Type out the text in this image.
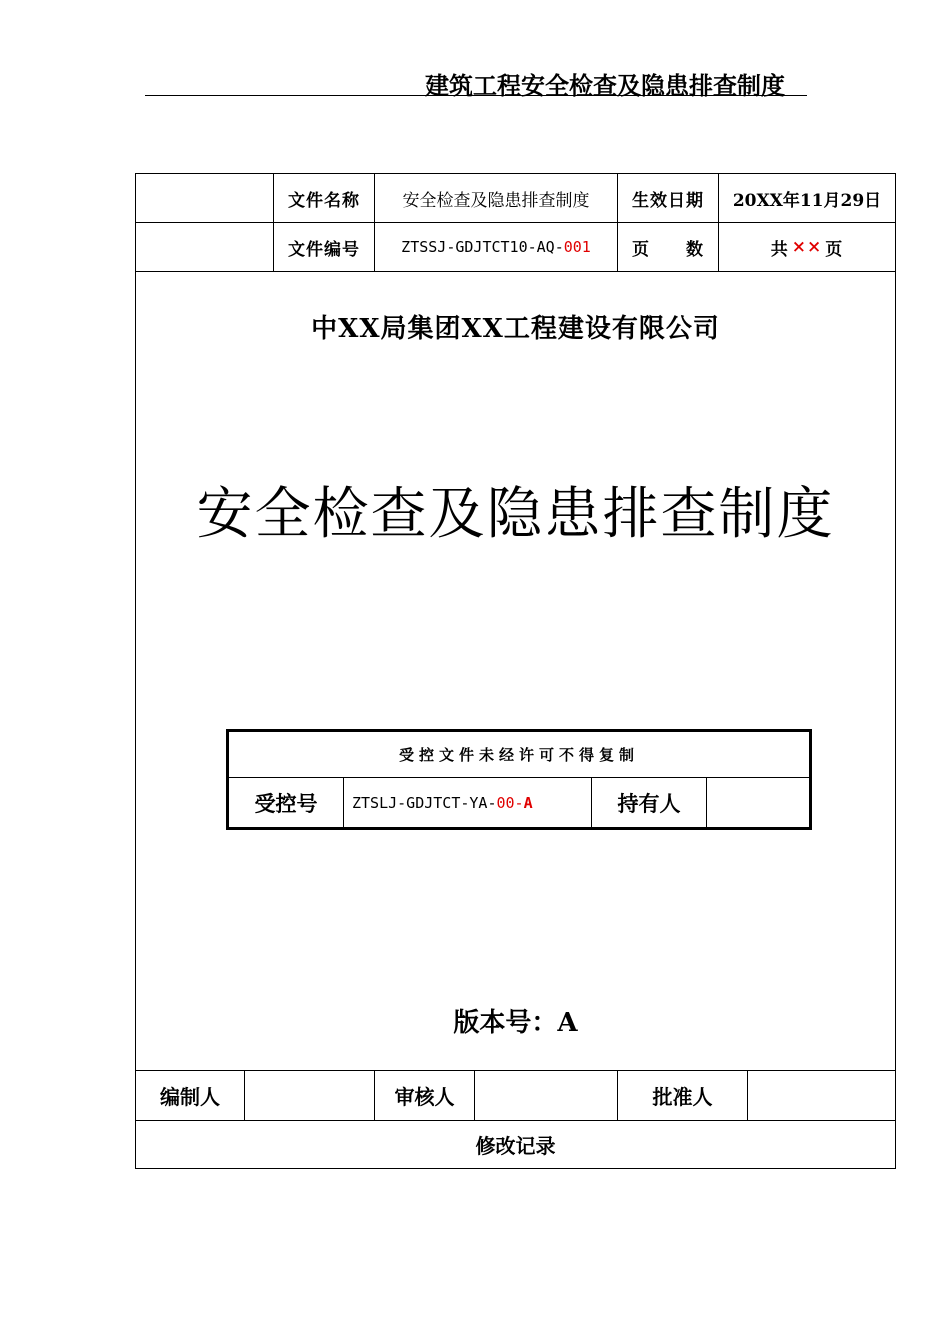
建筑工程安全检查及隐患排查制度
文件名称	安全检查及隐患排查制度	生效日期	20XX年11月29日
文件编号	ZTSSJ-GDJTCT10-AQ- 001	页　　数	共 ×× 页
中XX局集团XX工程建设有限公司
安全检查及隐患排查制度
受控文件未经许可不得复制
受控号	ZTSLJ-GDJTCT-YA- 00- A	持有人
版本号：A
编制人	审核人	批准人
修改记录
